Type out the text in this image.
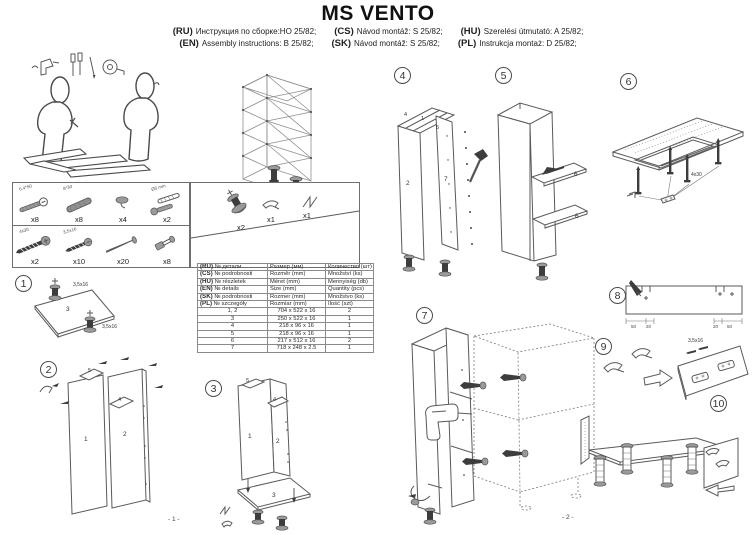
MS VENTO
(RU) Инструкция по сборке:HO 25/82; (CS) Návod montáž: S 25/82; (HU) Szerelési útmutató: A 25/82;
(EN) Assembly instructions: B 25/82; (SK) Návod montáž: S 25/82; (PL) Instrukcja montaż: D 25/82;
6,4*50
x8
8*30
x8	x4
Ø5 mm
x2
4x30
x2
3,5x16
x10	x20	x8
x2
x1	x1
(RU) № детали	Размер (мм)	Количество (шт)
(CS) № podrobnosti	Rozměr (mm)	Množství (ks)
(HU) № részletek	Méret (mm)	Mennyiség (db)
(EN) № details	Size (mm)	Quantity (pcs)
(SK) № podrobnosti	Rozmer (mm)	Množstvo (ks)
(PL) № szczegóły	Rozmiar (mm)	Ilość (szt)
1, 2	704 x 522 x 16	2
3	250 x 522 x 16	1
4	218 x 96 x 16	1
5	218 x 96 x 16	1
6	217 x 512 x 16	2
7	718 x 248 x 2.5	1
1
2
3
4	5	6
7
8
9
10
3,5x16
3,5x16
3
1
2
5
4
1
2
5
4
3
4
1
5
2
7
6
6
4x30
50 20	20 50
3,5x16
- 1 -	- 2 -
